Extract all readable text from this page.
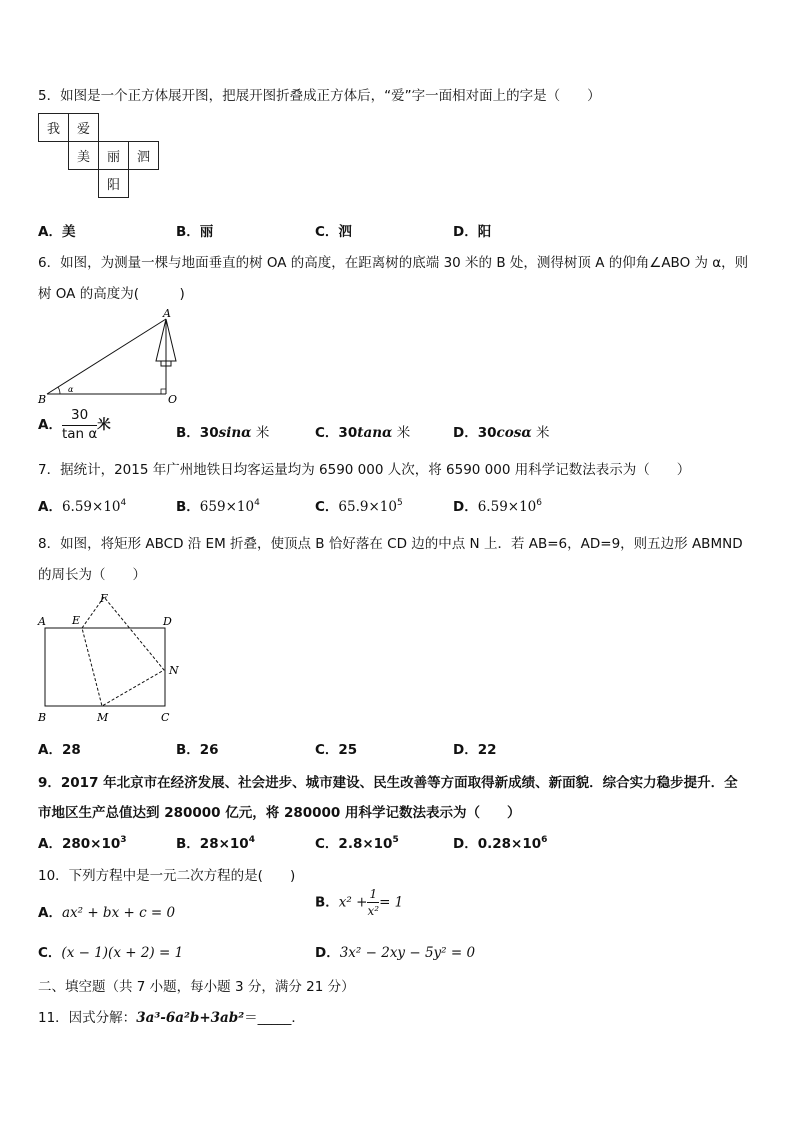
5．如图是一个正方体展开图，把展开图折叠成正方体后，“爱”字一面相对面上的字是（　　）
我	爱		
	美	丽	泗
		阳	
A．美	B．丽	C．泗	D．阳
6．如图，为测量一棵与地面垂直的树 OA 的高度，在距离树的底端 30 米的 B 处，测得树顶 A 的仰角∠ABO 为 α，则
树 OA 的高度为(　　　)
A
B	O
α
A． $\frac{30}{\text{tan α}}$ 米	B．30sinα 米	C．30tanα 米	D．30cosα 米
7．据统计，2015 年广州地铁日均客运量均为 6590 000 人次，将 6590 000 用科学记数法表示为（　　）
A．$6.59\times 10^4$	B．$659\times 10^4$	C．$65.9\times 10^5$	D．$6.59\times 10^6$
8．如图，将矩形 ABCD 沿 EM 折叠，使顶点 B 恰好落在 CD 边的中点 N 上．若 AB=6，AD=9，则五边形 ABMND
的周长为（　　）
A E
F
D
N
B	M	C
A．28	B．26	C．25	D．22
9．2017 年北京市在经济发展、社会进步、城市建设、民生改善等方面取得新成绩、新面貌．综合实力稳步提升．全
市地区生产总值达到 280000 亿元，将 280000 用科学记数法表示为（　　）
A．$280\times 10^3$	B．$28\times 10^4$	C．$2.8\times 10^5$	D．$0.28\times 10^6$
10．下列方程中是一元二次方程的是(　　)
A．ax² + bx + c = 0
B．$x^2 + \frac{1}{\text{x²}} = 1$
C．(x − 1)(x + 2) = 1	D．3x² − 2xy − 5y² = 0
二、填空题（共 7 小题，每小题 3 分，满分 21 分）
11．因式分解：3a³-6a²b+3ab²＝_____．
